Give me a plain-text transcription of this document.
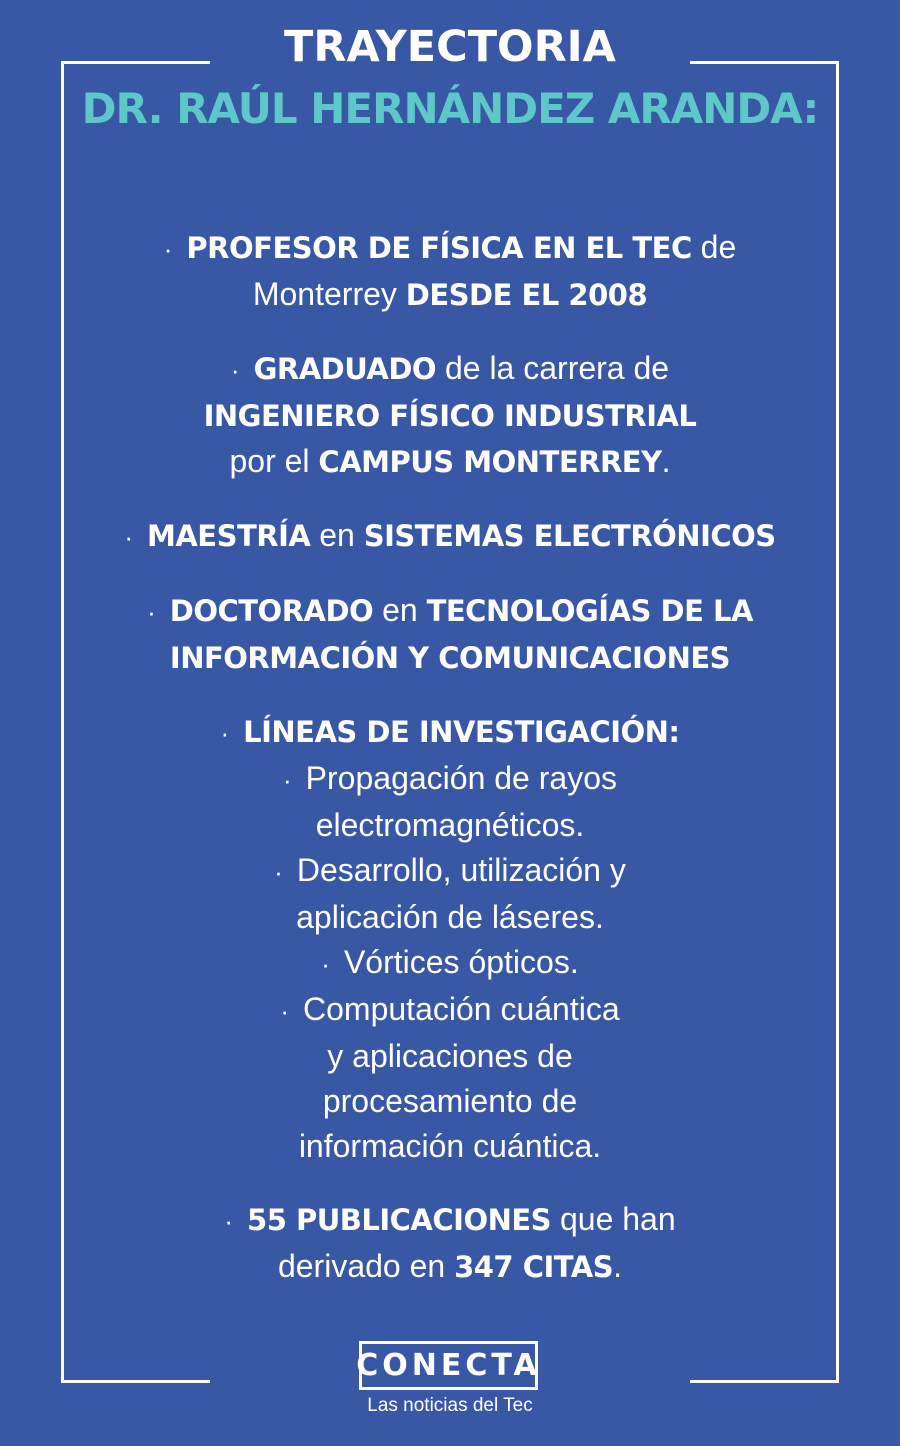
TRAYECTORIA
DR. RAÚL HERNÁNDEZ ARANDA:

· PROFESOR DE FÍSICA EN EL TEC de

Monterrey DESDE EL 2008

· GRADUADO de la carrera de

INGENIERO FÍSICO INDUSTRIAL

por el CAMPUS MONTERREY.

· MAESTRÍA en SISTEMAS ELECTRÓNICOS

· DOCTORADO en TECNOLOGÍAS DE LA

INFORMACIÓN Y COMUNICACIONES

· LÍNEAS DE INVESTIGACIÓN:

· Propagación de rayos

electromagnéticos.

· Desarrollo, utilización y

aplicación de láseres.

· Vórtices ópticos.

· Computación cuántica

y aplicaciones de

procesamiento de

información cuántica.

· 55 PUBLICACIONES que han

derivado en 347 CITAS.

CONECTA
Las noticias del Tec
